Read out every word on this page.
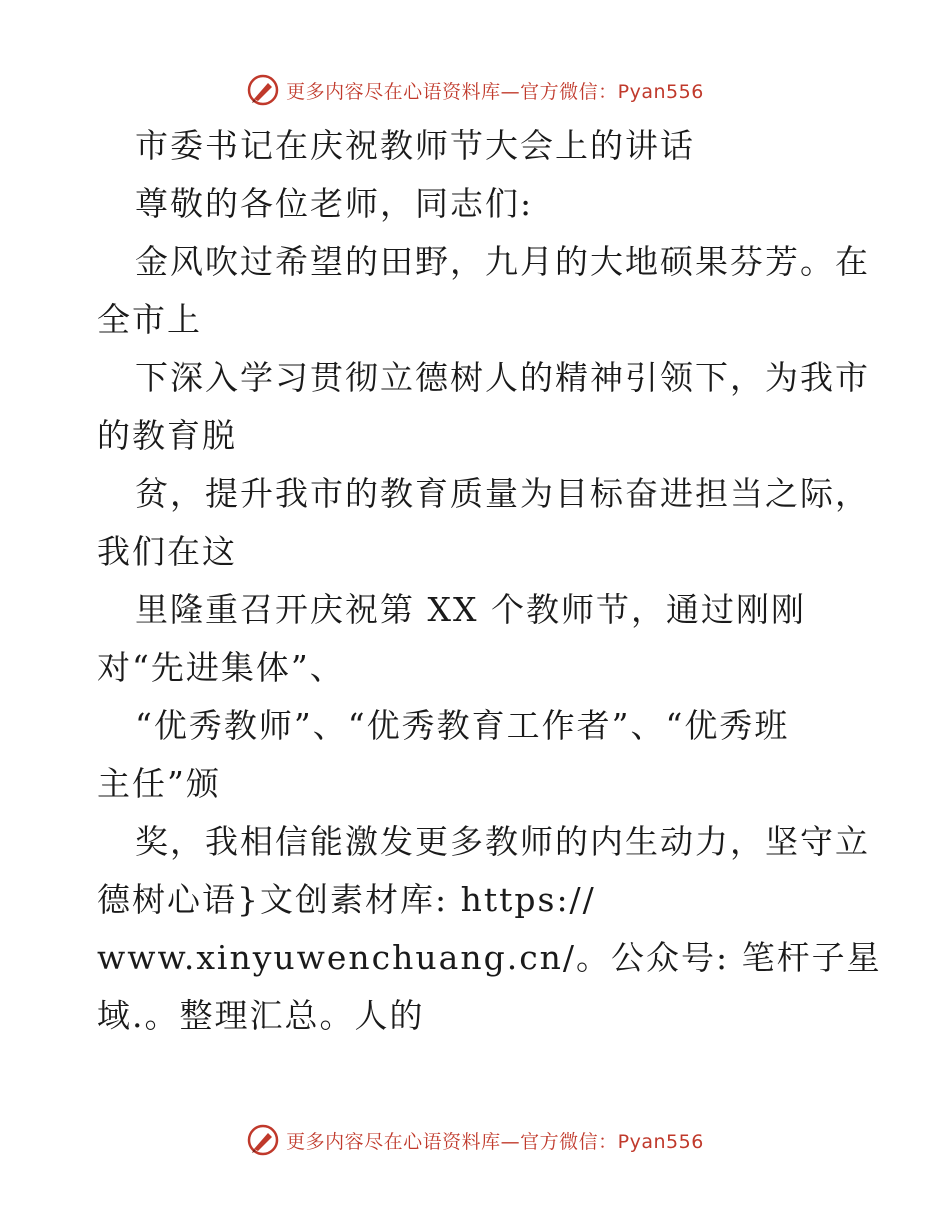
更多内容尽在心语资料库—官方微信：Pyan556
市委书记在庆祝教师节大会上的讲话
尊敬的各位老师，同志们:
金风吹过希望的田野，九月的大地硕果芬芳。在
全市上
下深入学习贯彻立德树人的精神引领下，为我市
的教育脱
贫，提升我市的教育质量为目标奋进担当之际，
我们在这
里隆重召开庆祝第 XX 个教师节，通过刚刚
对“先进集体”、
“优秀教师”、“优秀教育工作者”、“优秀班
主任”颁
奖，我相信能激发更多教师的内生动力，坚守立
德树心语}文创素材库: https://
www.xinyuwenchuang.cn/。公众号: 笔杆子星
域.。整理汇总。人的
更多内容尽在心语资料库—官方微信：Pyan556
